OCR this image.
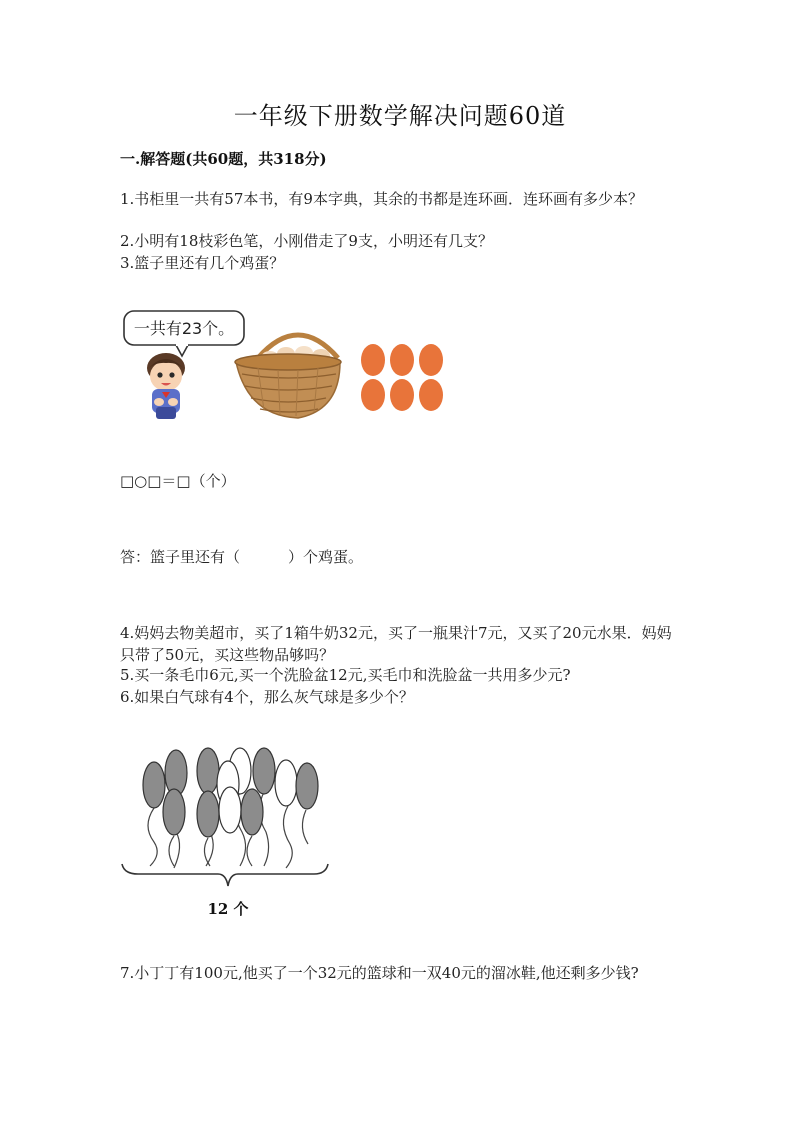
一年级下册数学解决问题60道
一.解答题(共60题，共318分)
1.书柜里一共有57本书，有9本字典，其余的书都是连环画．连环画有多少本？
2.小明有18枝彩色笔，小刚借走了9支，小明还有几支？
3.篮子里还有几个鸡蛋？
一共有23个。
□○□＝□（个）
答：篮子里还有（	）个鸡蛋。
4.妈妈去物美超市，买了1箱牛奶32元，买了一瓶果汁7元，又买了20元水果．妈妈只带了50元，买这些物品够吗？
5.买一条毛巾6元,买一个洗脸盆12元,买毛巾和洗脸盆一共用多少元?
6.如果白气球有4个，那么灰气球是多少个？
12 个
7.小丁丁有100元,他买了一个32元的篮球和一双40元的溜冰鞋,他还剩多少钱?
